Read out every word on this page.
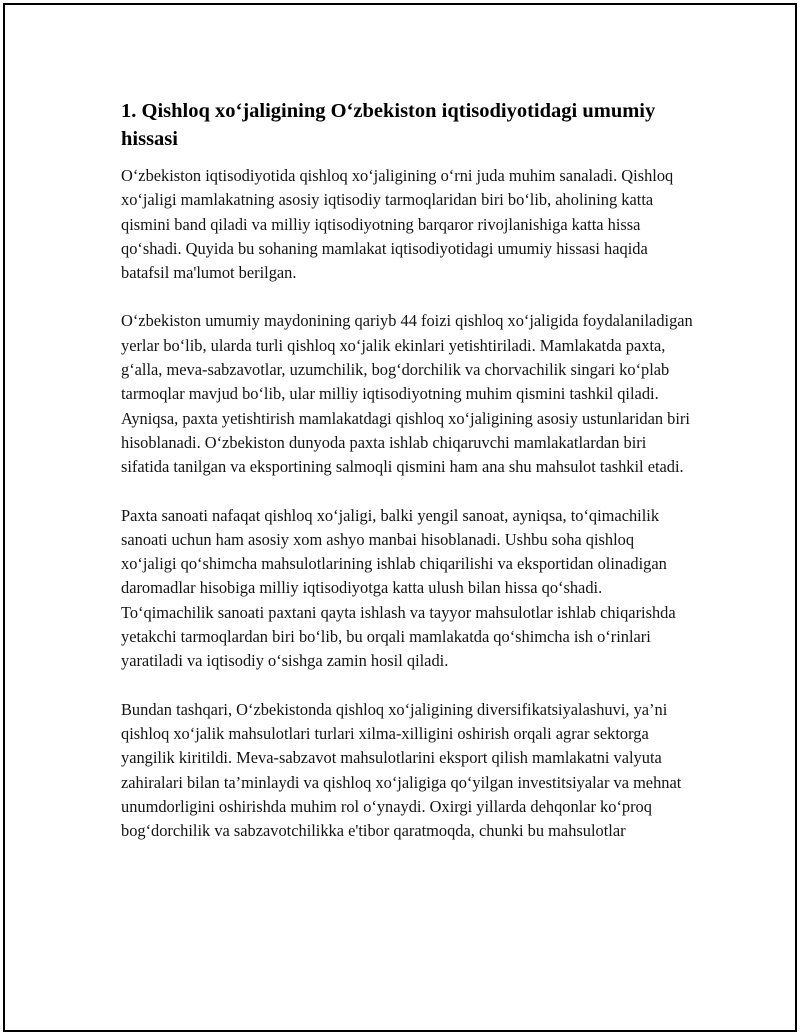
1. Qishloq xo‘jaligining O‘zbekiston iqtisodiyotidagi umumiy hissasi

O‘zbekiston iqtisodiyotida qishloq xo‘jaligining o‘rni juda muhim sanaladi. Qishloq xo‘jaligi mamlakatning asosiy iqtisodiy tarmoqlaridan biri bo‘lib, aholining katta qismini band qiladi va milliy iqtisodiyotning barqaror rivojlanishiga katta hissa qo‘shadi. Quyida bu sohaning mamlakat iqtisodiyotidagi umumiy hissasi haqida batafsil ma'lumot berilgan.

O‘zbekiston umumiy maydonining qariyb 44 foizi qishloq xo‘jaligida foydalaniladigan yerlar bo‘lib, ularda turli qishloq xo‘jalik ekinlari yetishtiriladi. Mamlakatda paxta, g‘alla, meva-sabzavotlar, uzumchilik, bog‘dorchilik va chorvachilik singari ko‘plab tarmoqlar mavjud bo‘lib, ular milliy iqtisodiyotning muhim qismini tashkil qiladi. Ayniqsa, paxta yetishtirish mamlakatdagi qishloq xo‘jaligining asosiy ustunlaridan biri hisoblanadi. O‘zbekiston dunyoda paxta ishlab chiqaruvchi mamlakatlardan biri sifatida tanilgan va eksportining salmoqli qismini ham ana shu mahsulot tashkil etadi.

Paxta sanoati nafaqat qishloq xo‘jaligi, balki yengil sanoat, ayniqsa, to‘qimachilik sanoati uchun ham asosiy xom ashyo manbai hisoblanadi. Ushbu soha qishloq xo‘jaligi qo‘shimcha mahsulotlarining ishlab chiqarilishi va eksportidan olinadigan daromadlar hisobiga milliy iqtisodiyotga katta ulush bilan hissa qo‘shadi. To‘qimachilik sanoati paxtani qayta ishlash va tayyor mahsulotlar ishlab chiqarishda yetakchi tarmoqlardan biri bo‘lib, bu orqali mamlakatda qo‘shimcha ish o‘rinlari yaratiladi va iqtisodiy o‘sishga zamin hosil qiladi.

Bundan tashqari, O‘zbekistonda qishloq xo‘jaligining diversifikatsiyalashuvi, ya’ni qishloq xo‘jalik mahsulotlari turlari xilma-xilligini oshirish orqali agrar sektorga yangilik kiritildi. Meva-sabzavot mahsulotlarini eksport qilish mamlakatni valyuta zahiralari bilan ta’minlaydi va qishloq xo‘jaligiga qo‘yilgan investitsiyalar va mehnat unumdorligini oshirishda muhim rol o‘ynaydi. Oxirgi yillarda dehqonlar ko‘proq bog‘dorchilik va sabzavotchilikka e'tibor qaratmoqda, chunki bu mahsulotlar
